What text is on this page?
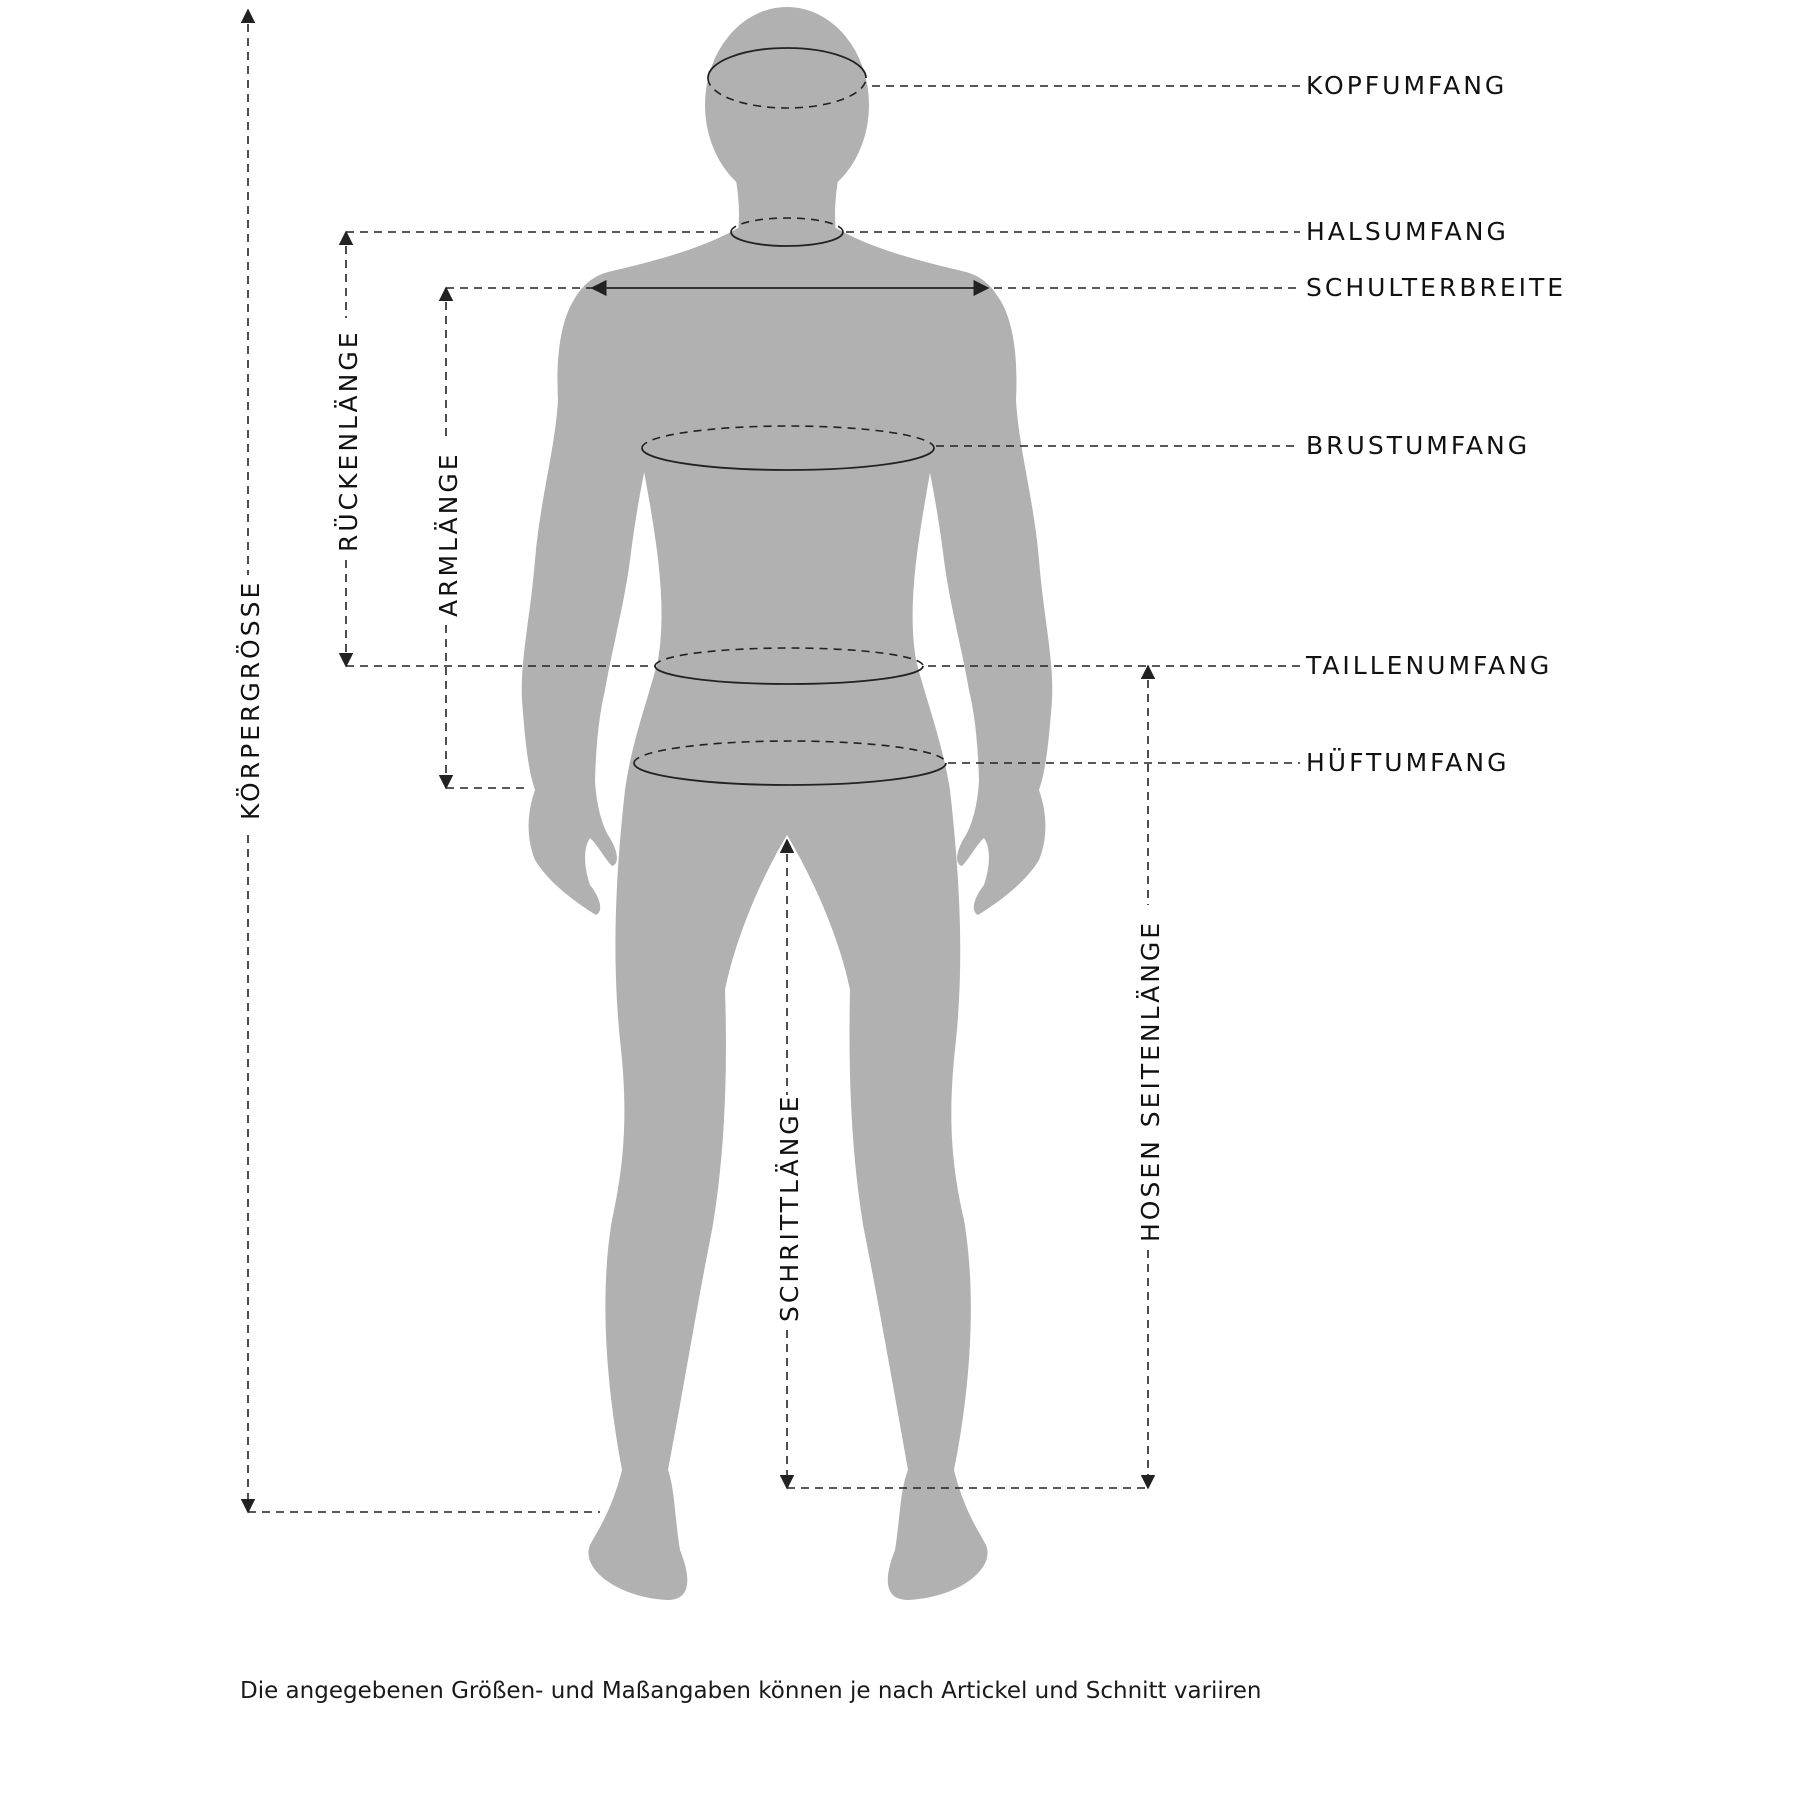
KOPFUMFANG
HALSUMFANG
SCHULTERBREITE
BRUSTUMFANG
TAILLENUMFANG
HÜFTUMFANG
KÖRPERGRÖSSE
RÜCKENLÄNGE	ARMLÄNGE
SCHRITTLÄNGE	HOSEN SEITENLÄNGE
Die angegebenen Größen- und Maßangaben können je nach Artickel und Schnitt variiren
